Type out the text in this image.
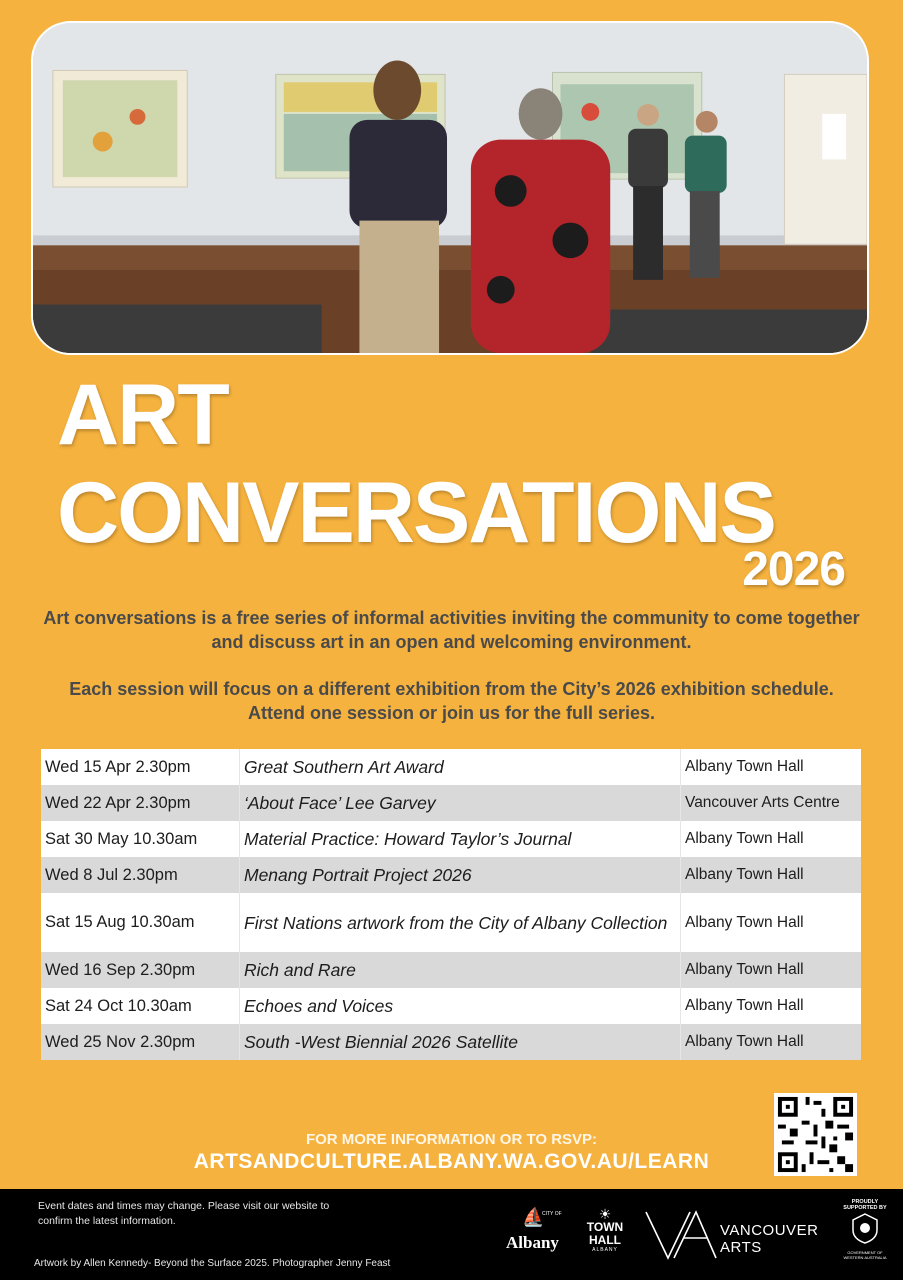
ART
CONVERSATIONS
2026

Art conversations is a free series of informal activities inviting the community to come together and discuss art in an open and welcoming environment.

Each session will focus on a different exhibition from the City’s 2026 exhibition schedule. Attend one session or join us for the full series.

Wed 15 Apr 2.30pm	Great Southern Art Award	Albany Town Hall
Wed 22 Apr 2.30pm	‘About Face’ Lee Garvey	Vancouver Arts Centre
Sat 30 May 10.30am	Material Practice: Howard Taylor’s Journal	Albany Town Hall
Wed 8 Jul 2.30pm	Menang Portrait Project 2026	Albany Town Hall
Sat 15 Aug 10.30am	First Nations artwork from the City of Albany Collection	Albany Town Hall
Wed 16 Sep 2.30pm	Rich and Rare	Albany Town Hall
Sat 24 Oct 10.30am	Echoes and Voices	Albany Town Hall
Wed 25 Nov 2.30pm	South -West Biennial 2026 Satellite	Albany Town Hall
FOR MORE INFORMATION OR TO RSVP:
ARTSANDCULTURE.ALBANY.WA.GOV.AU/LEARN

Event dates and times may change. Please visit our website to confirm the latest information.

Artwork by Allen Kennedy- Beyond the Surface 2025. Photographer Jenny Feast

⛵
CITY OF
Albany
☀
TOWN HALL
ALBANY
VANCOUVER
ARTS
PROUDLY SUPPORTED BY
GOVERNMENT OF WESTERN AUSTRALIA
